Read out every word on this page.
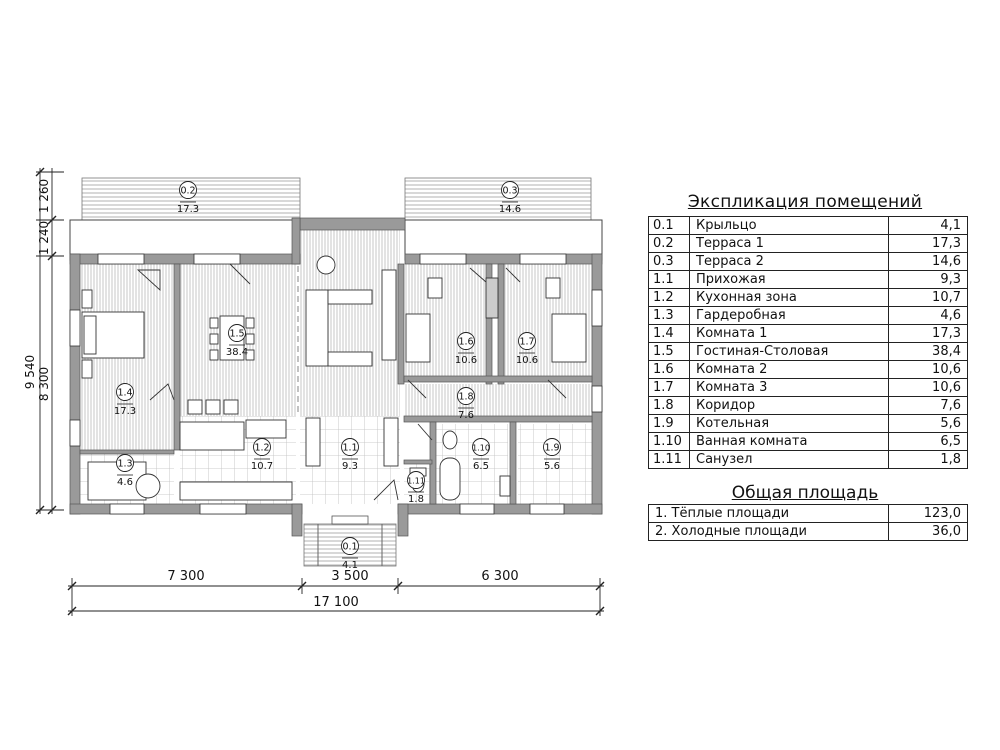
0.2
17.3
0.3
14.6
1.5
38.4
1.4
17.3
1.3
4.6
1.2
10.7
1.1
9.3
1.6
10.6
1.7
10.6
1.8
7.6
1.10
6.5
1.9
5.6
1.11
1.8
0.1
4.1
7 300	3 500	6 300
17 100
1 260
1 240
9 540 8 300
Экспликация помещений
0.1	Крыльцо	4,1
0.2	Терраса 1	17,3
0.3	Терраса 2	14,6
1.1	Прихожая	9,3
1.2	Кухонная зона	10,7
1.3	Гардеробная	4,6
1.4	Комната 1	17,3
1.5	Гостиная-Столовая	38,4
1.6	Комната 2	10,6
1.7	Комната 3	10,6
1.8	Коридор	7,6
1.9	Котельная	5,6
1.10	Ванная комната	6,5
1.11	Санузел	1,8
Общая площадь
1. Тёплые площади	123,0
2. Холодные площади	36,0
